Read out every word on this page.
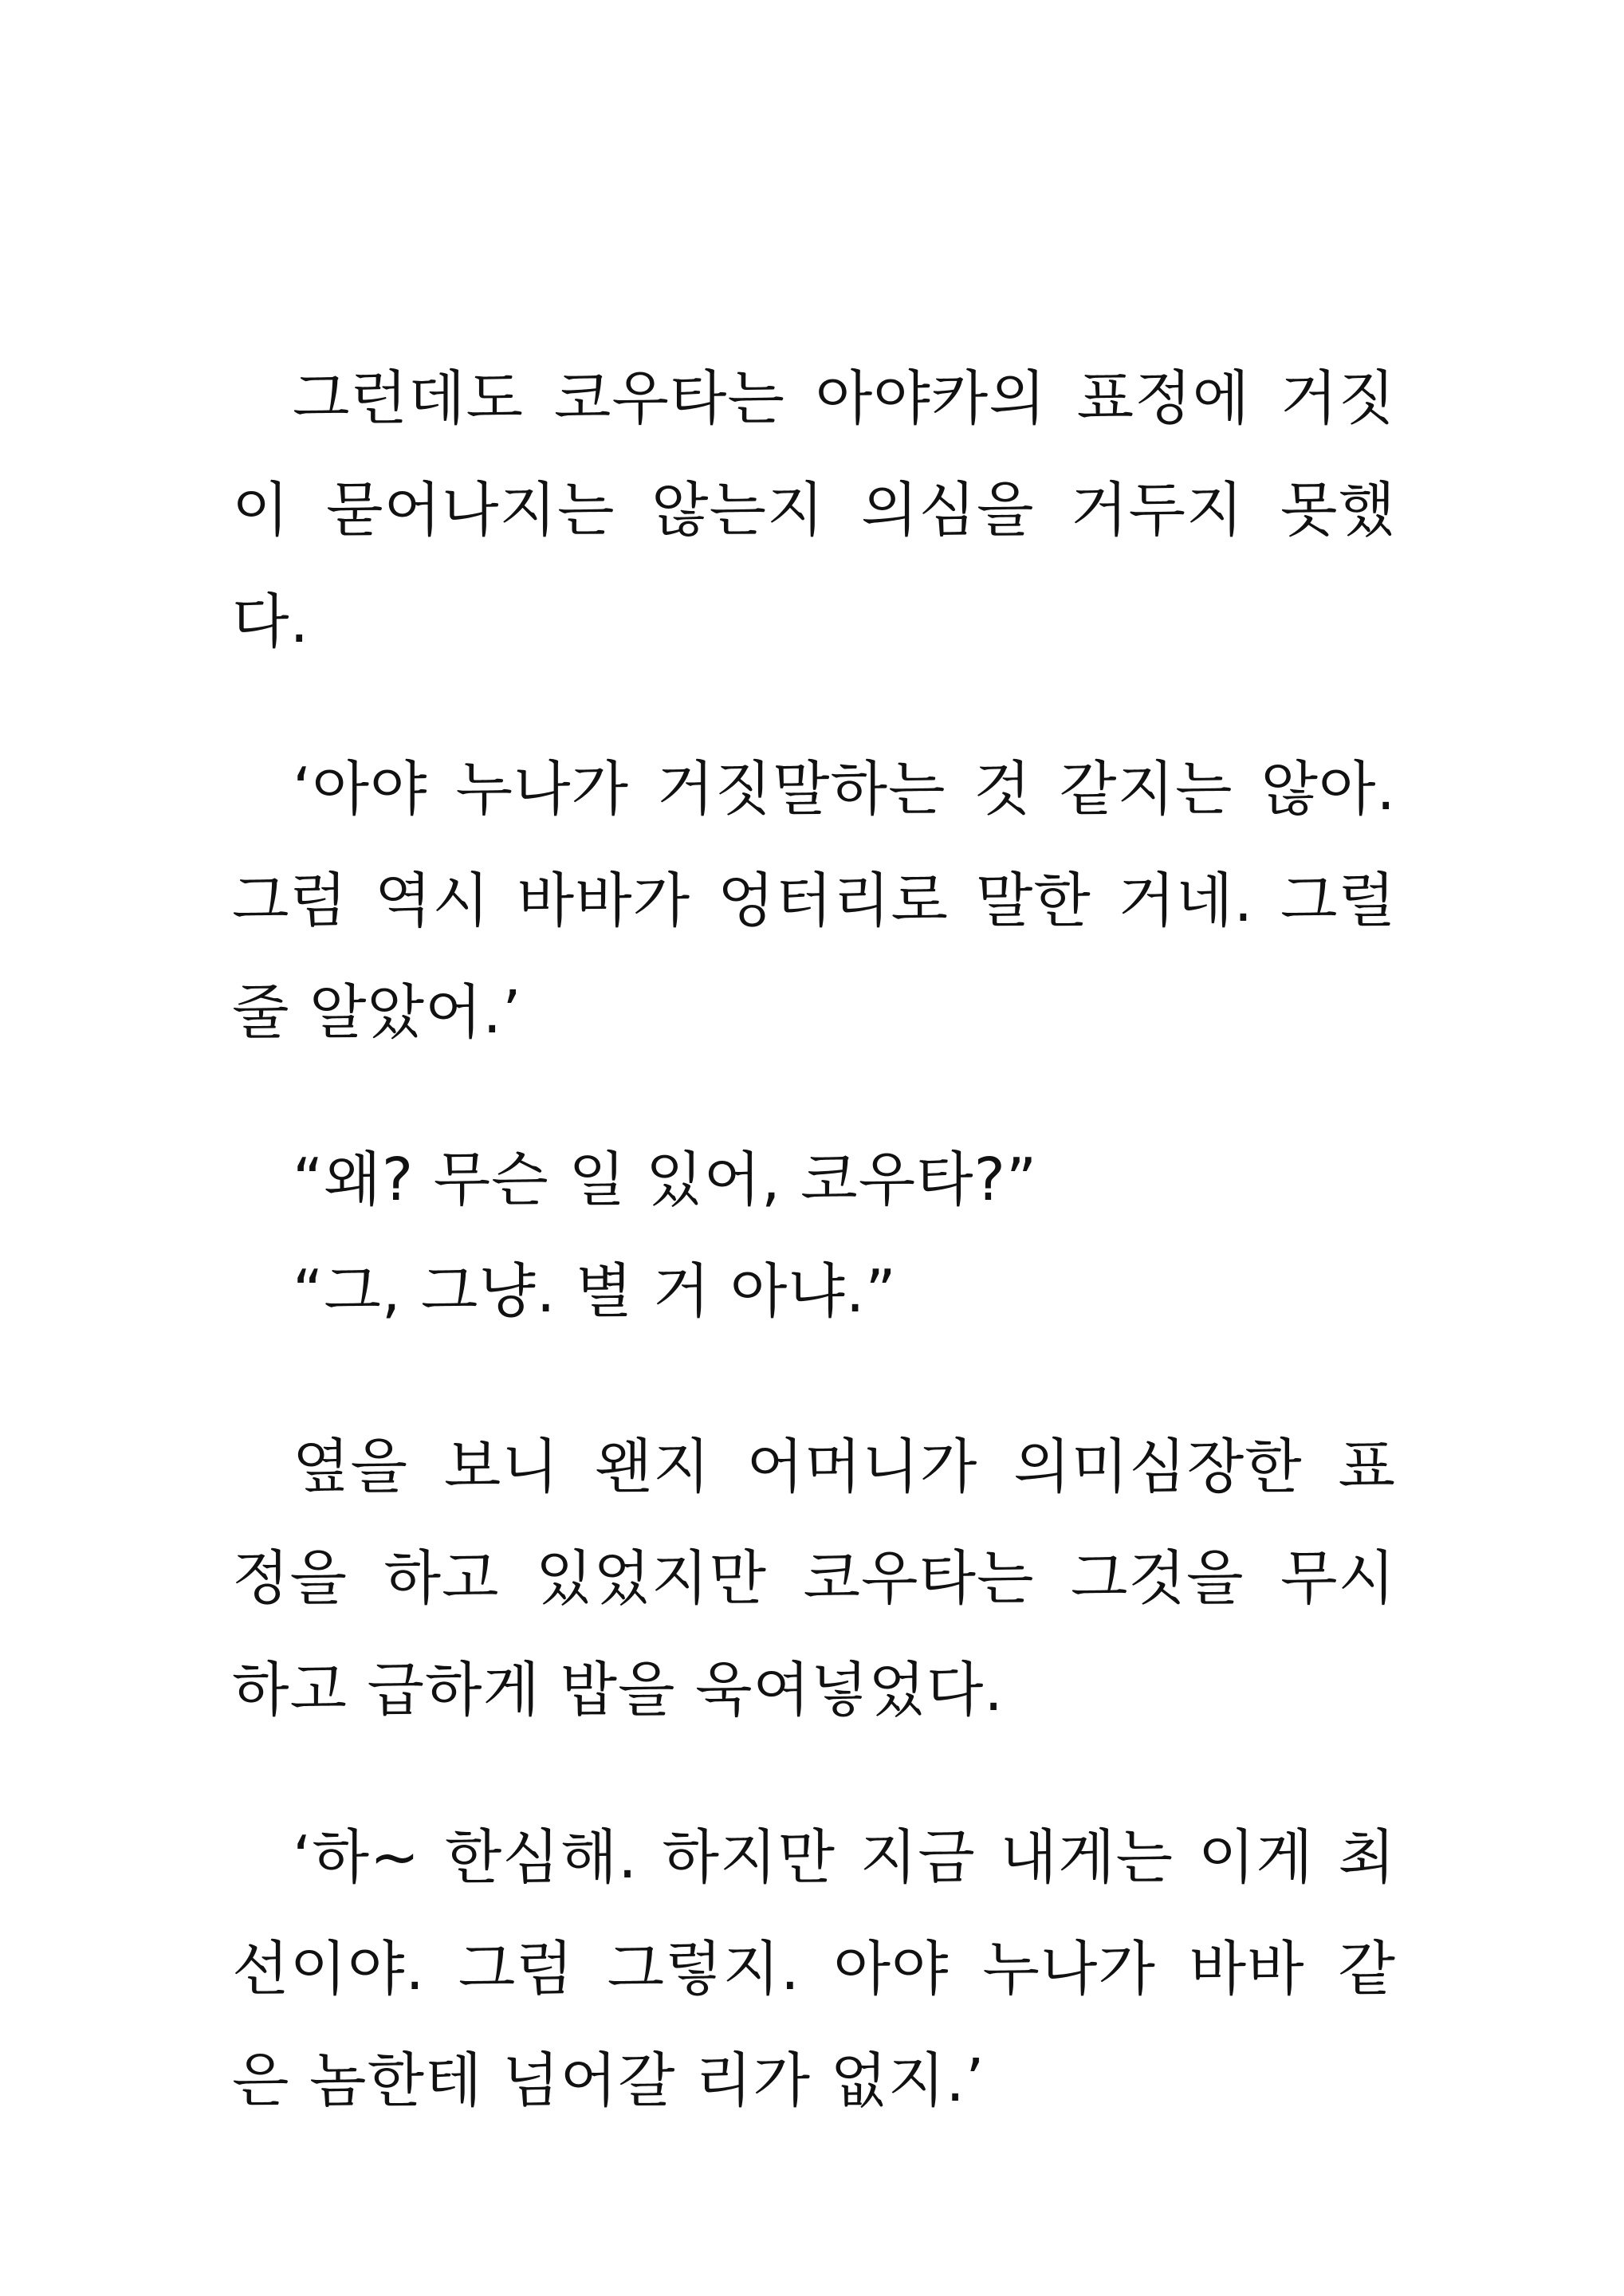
그런데도 코우타는 아야카의 표정에 거짓
이 묻어나지는 않는지 의심을 거두지 못했
다.
‘아야 누나가 거짓말하는 것 같지는 않아.
그럼 역시 바바가 엉터리로 말한 거네. 그럴
줄 알았어.’
“왜? 무슨 일 있어, 코우타?”
“그, 그냥. 별 거 아냐.”
옆을 보니 왠지 어머니가 의미심장한 표
정을 하고 있었지만 코우타는 그것을 무시
하고 급하게 밥을 욱여넣었다.
‘하~ 한심해. 하지만 지금 내게는 이게 최
선이야. 그럼 그렇지. 아야 누나가 바바 같
은 놈한테 넘어갈 리가 없지.’
